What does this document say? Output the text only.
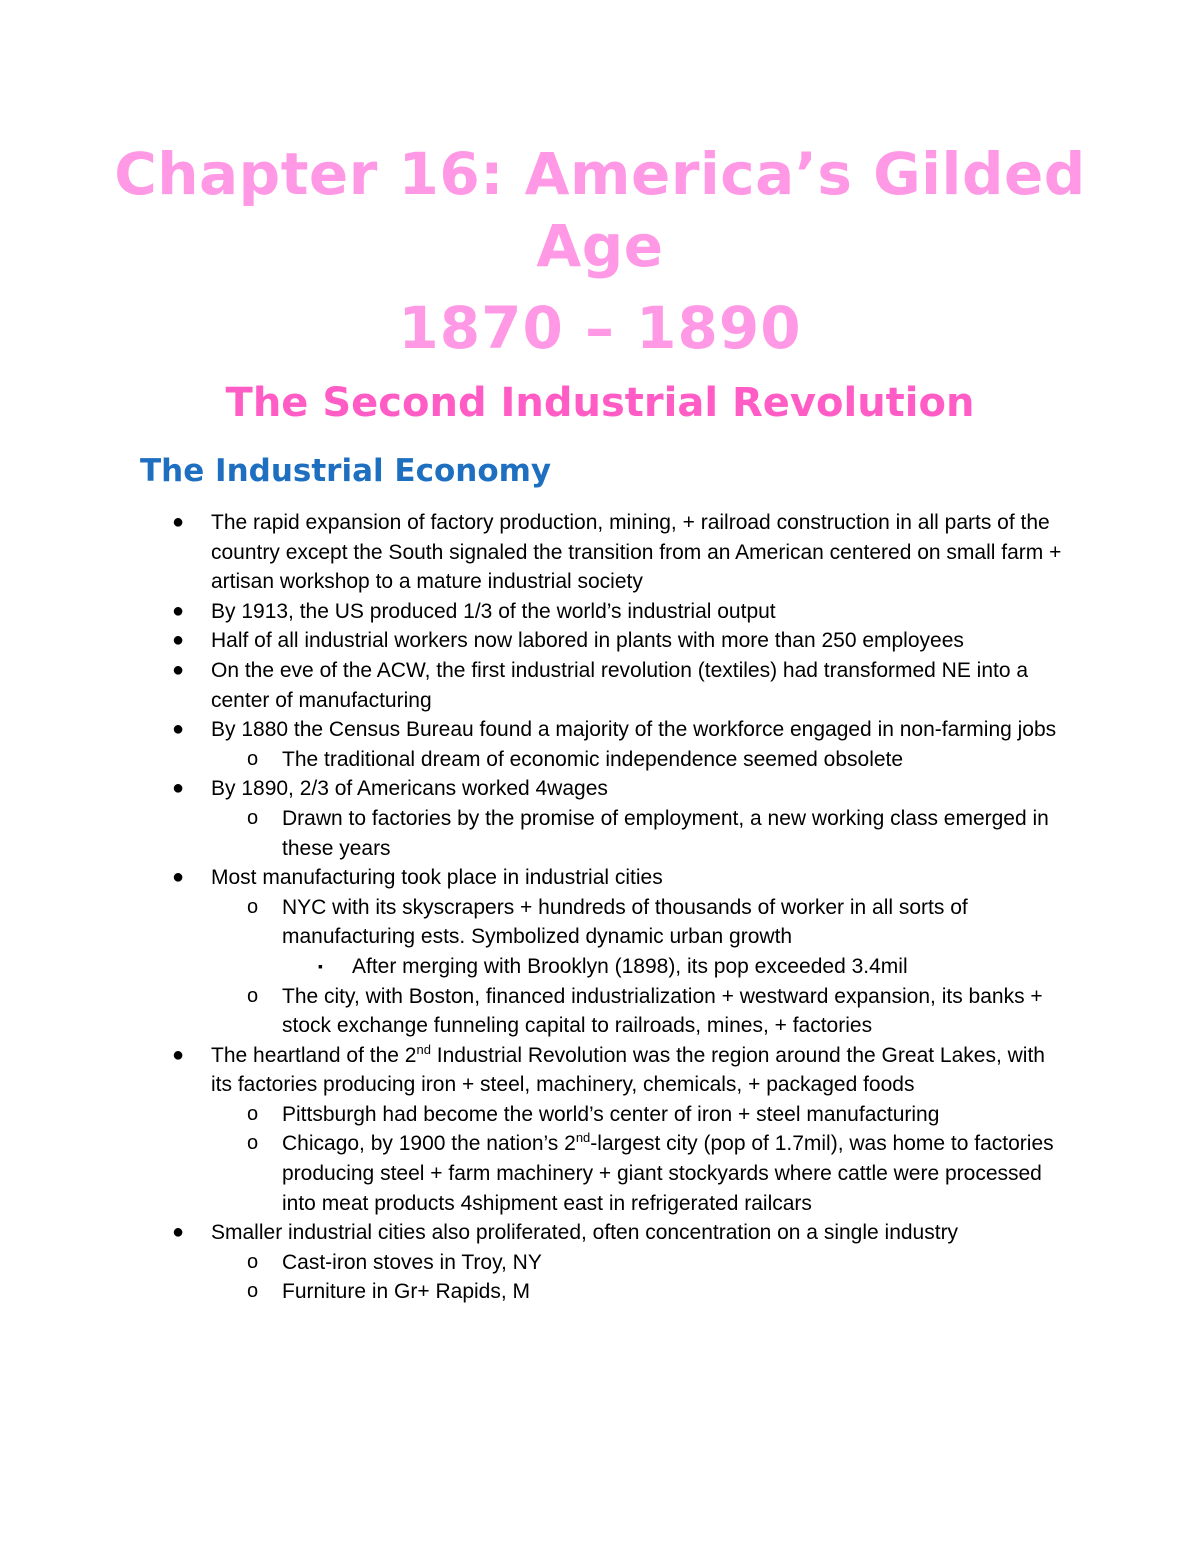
Chapter 16: America’s Gilded
Age
1870 – 1890
The Second Industrial Revolution
The Industrial Economy
● The rapid expansion of factory production, mining, + railroad construction in all parts of the country except the South signaled the transition from an American centered on small farm + artisan workshop to a mature industrial society
● By 1913, the US produced 1/3 of the world’s industrial output
● Half of all industrial workers now labored in plants with more than 250 employees
● On the eve of the ACW, the first industrial revolution (textiles) had transformed NE into a center of manufacturing
● By 1880 the Census Bureau found a majority of the workforce engaged in non-farming jobs
o The traditional dream of economic independence seemed obsolete
● By 1890, 2/3 of Americans worked 4wages
o Drawn to factories by the promise of employment, a new working class emerged in these years
● Most manufacturing took place in industrial cities
o NYC with its skyscrapers + hundreds of thousands of worker in all sorts of manufacturing ests. Symbolized dynamic urban growth
▪ After merging with Brooklyn (1898), its pop exceeded 3.4mil
o The city, with Boston, financed industrialization + westward expansion, its banks + stock exchange funneling capital to railroads, mines, + factories
● The heartland of the 2nd Industrial Revolution was the region around the Great Lakes, with its factories producing iron + steel, machinery, chemicals, + packaged foods
o Pittsburgh had become the world’s center of iron + steel manufacturing
o Chicago, by 1900 the nation’s 2nd-largest city (pop of 1.7mil), was home to factories producing steel + farm machinery + giant stockyards where cattle were processed into meat products 4shipment east in refrigerated railcars
● Smaller industrial cities also proliferated, often concentration on a single industry
o Cast-iron stoves in Troy, NY
o Furniture in Gr+ Rapids, M
